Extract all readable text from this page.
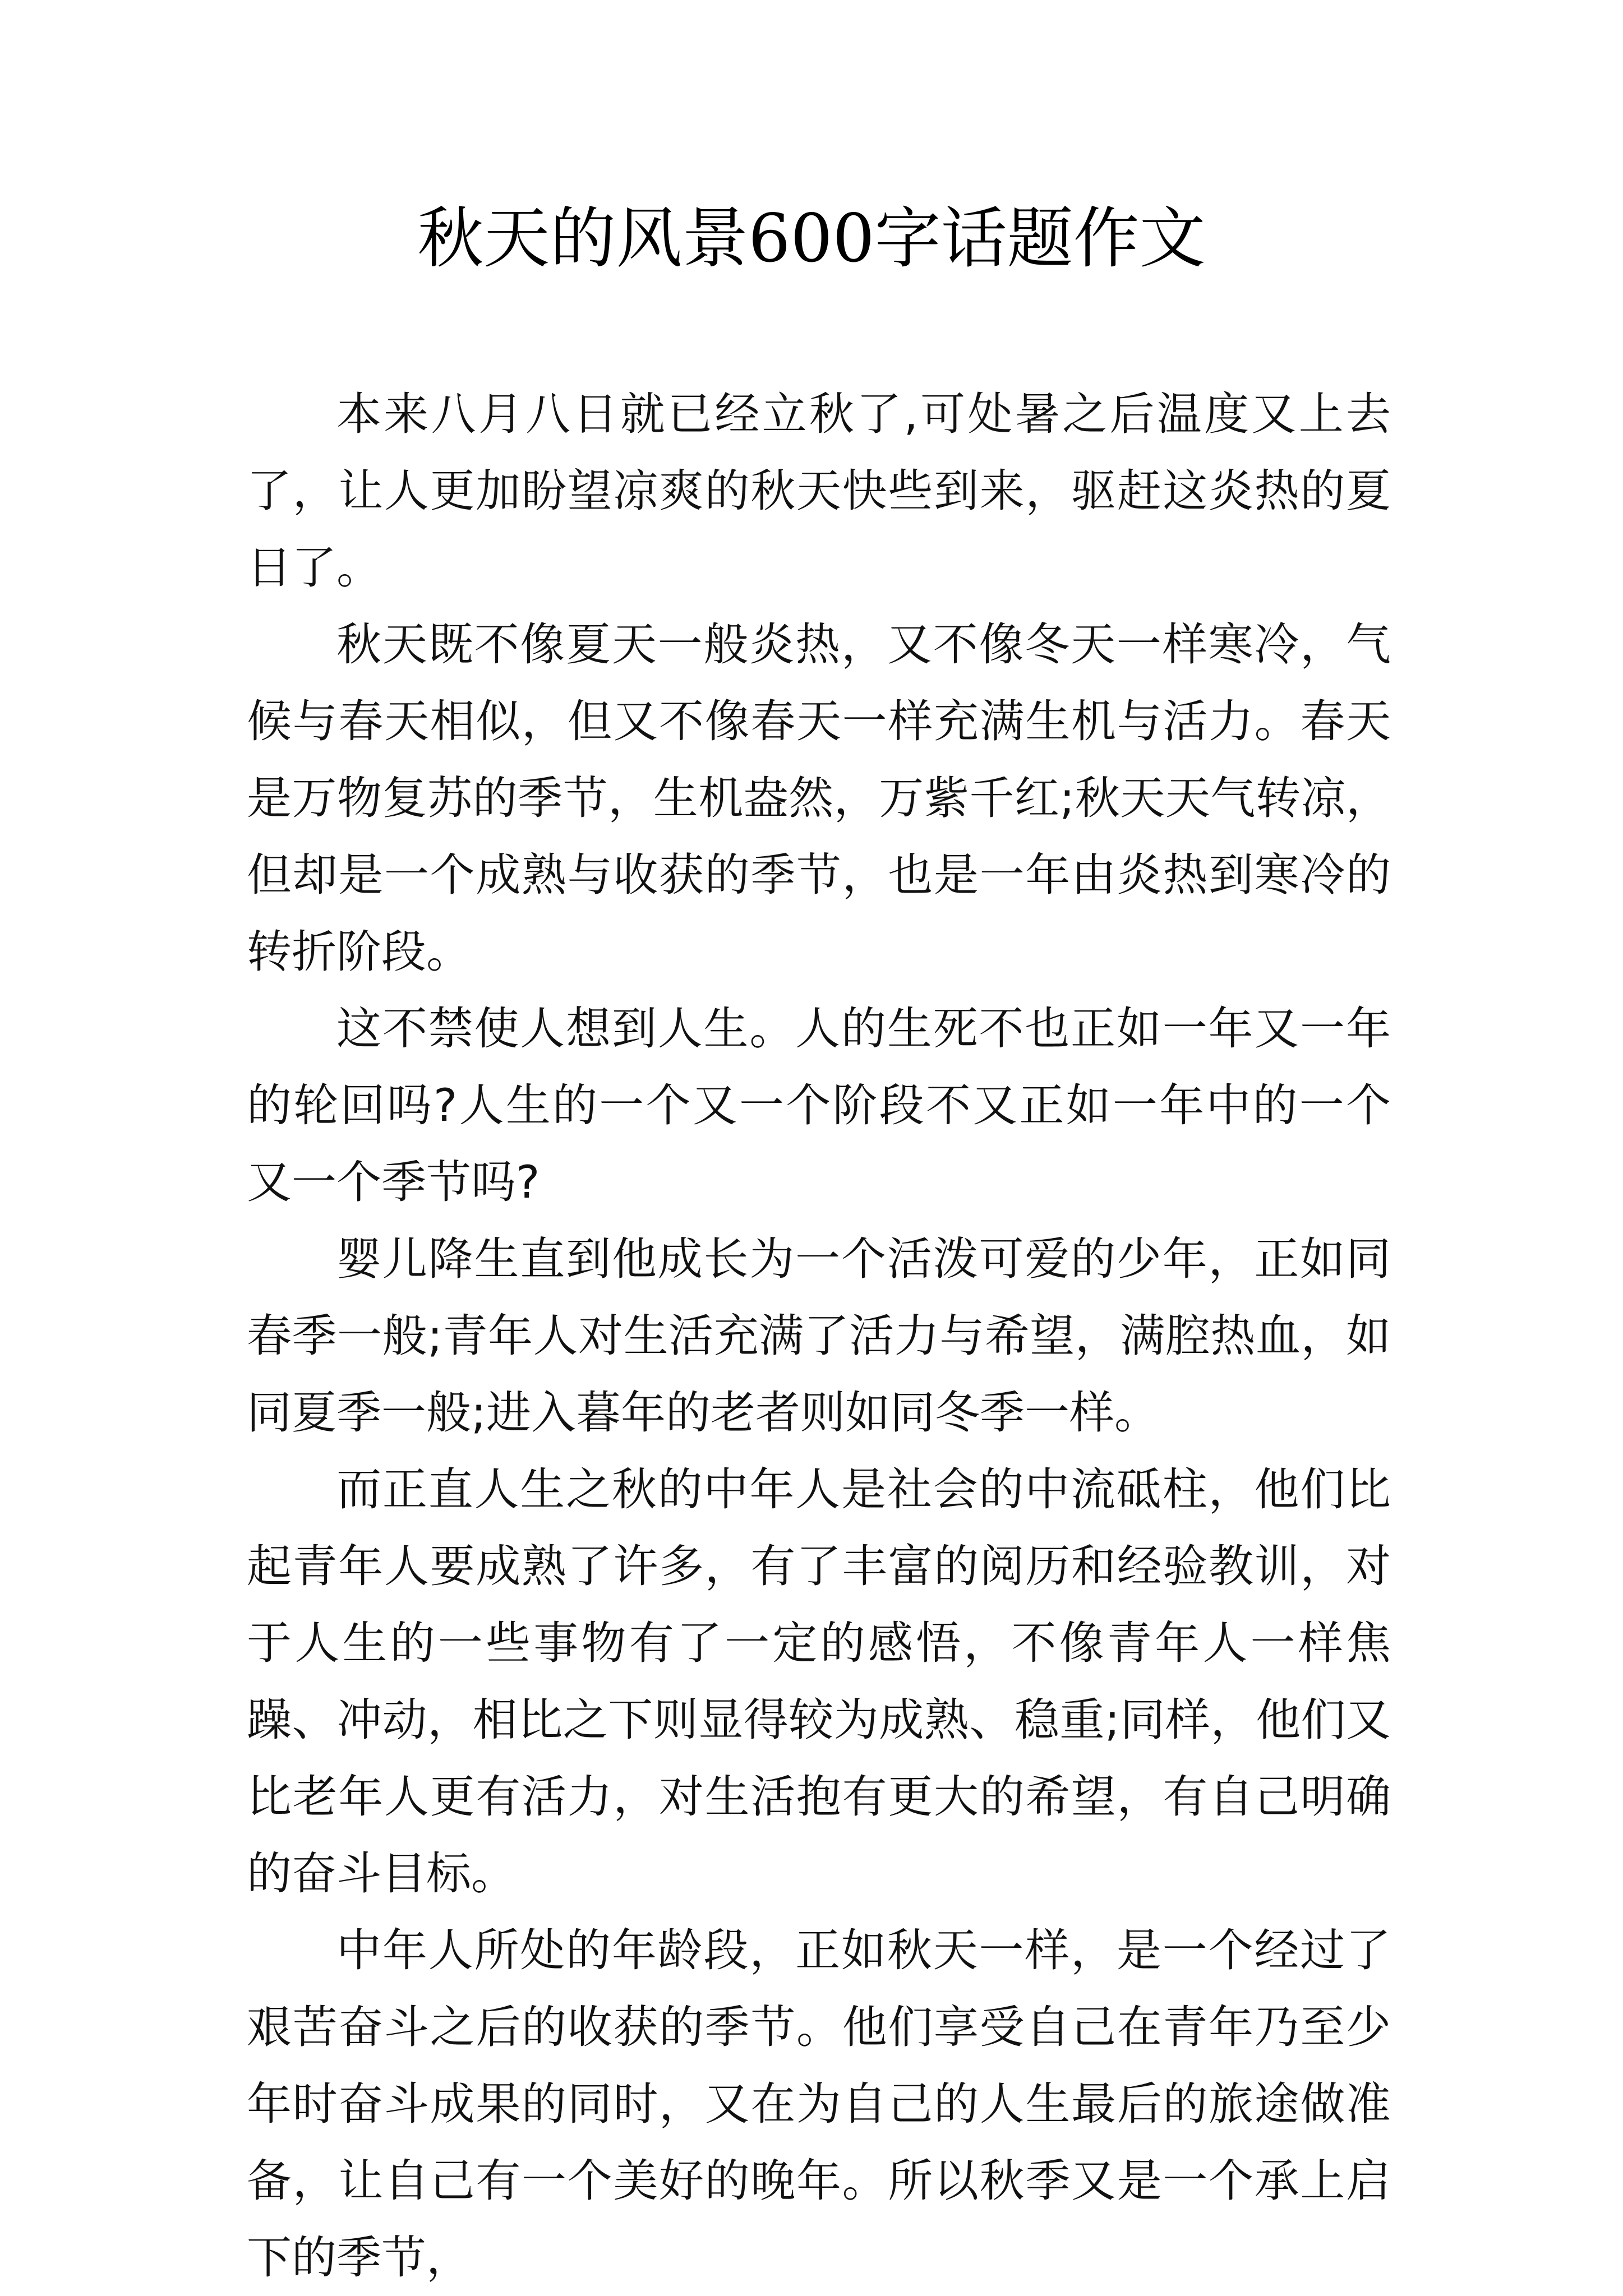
秋天的风景600字话题作文

本来八月八日就已经立秋了,可处暑之后温度又上去了，让人更加盼望凉爽的秋天快些到来，驱赶这炎热的夏日了。

秋天既不像夏天一般炎热，又不像冬天一样寒冷，气候与春天相似，但又不像春天一样充满生机与活力。春天是万物复苏的季节，生机盎然，万紫千红;秋天天气转凉，但却是一个成熟与收获的季节，也是一年由炎热到寒冷的转折阶段。

这不禁使人想到人生。人的生死不也正如一年又一年的轮回吗?人生的一个又一个阶段不又正如一年中的一个又一个季节吗?

婴儿降生直到他成长为一个活泼可爱的少年，正如同春季一般;青年人对生活充满了活力与希望，满腔热血，如同夏季一般;进入暮年的老者则如同冬季一样。

而正直人生之秋的中年人是社会的中流砥柱，他们比起青年人要成熟了许多，有了丰富的阅历和经验教训，对于人生的一些事物有了一定的感悟，不像青年人一样焦躁、冲动，相比之下则显得较为成熟、稳重;同样，他们又比老年人更有活力，对生活抱有更大的希望，有自己明确的奋斗目标。

中年人所处的年龄段，正如秋天一样，是一个经过了艰苦奋斗之后的收获的季节。他们享受自己在青年乃至少年时奋斗成果的同时，又在为自己的人生最后的旅途做准备，让自己有一个美好的晚年。所以秋季又是一个承上启下的季节，
